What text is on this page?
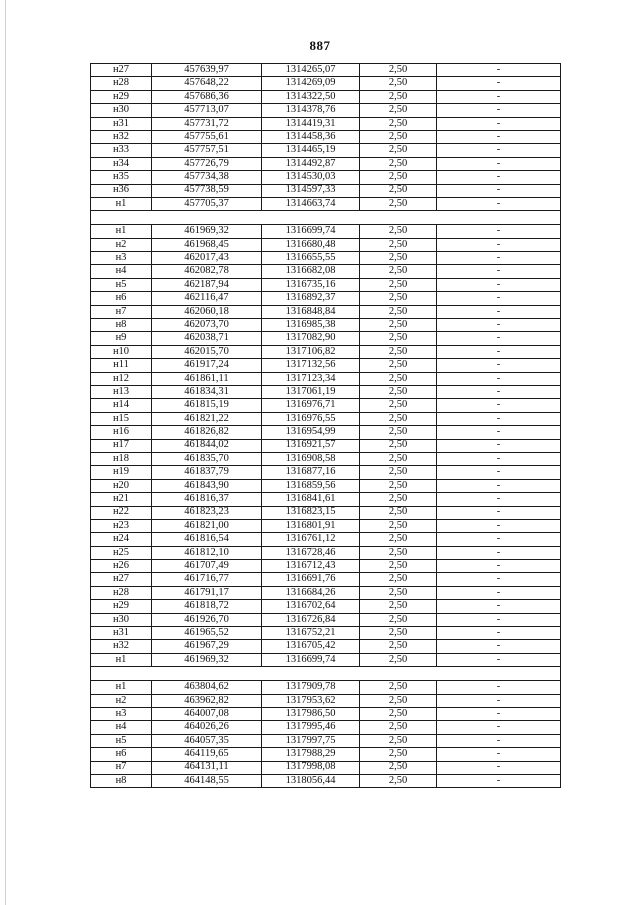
887
н27	457639,97	1314265,07	2,50	-
н28	457648,22	1314269,09	2,50	-
н29	457686,36	1314322,50	2,50	-
н30	457713,07	1314378,76	2,50	-
н31	457731,72	1314419,31	2,50	-
н32	457755,61	1314458,36	2,50	-
н33	457757,51	1314465,19	2,50	-
н34	457726,79	1314492,87	2,50	-
н35	457734,38	1314530,03	2,50	-
н36	457738,59	1314597,33	2,50	-
н1	457705,37	1314663,74	2,50	-

н1	461969,32	1316699,74	2,50	-
н2	461968,45	1316680,48	2,50	-
н3	462017,43	1316655,55	2,50	-
н4	462082,78	1316682,08	2,50	-
н5	462187,94	1316735,16	2,50	-
н6	462116,47	1316892,37	2,50	-
н7	462060,18	1316848,84	2,50	-
н8	462073,70	1316985,38	2,50	-
н9	462038,71	1317082,90	2,50	-
н10	462015,70	1317106,82	2,50	-
н11	461917,24	1317132,56	2,50	-
н12	461861,11	1317123,34	2,50	-
н13	461834,31	1317061,19	2,50	-
н14	461815,19	1316976,71	2,50	-
н15	461821,22	1316976,55	2,50	-
н16	461826,82	1316954,99	2,50	-
н17	461844,02	1316921,57	2,50	-
н18	461835,70	1316908,58	2,50	-
н19	461837,79	1316877,16	2,50	-
н20	461843,90	1316859,56	2,50	-
н21	461816,37	1316841,61	2,50	-
н22	461823,23	1316823,15	2,50	-
н23	461821,00	1316801,91	2,50	-
н24	461816,54	1316761,12	2,50	-
н25	461812,10	1316728,46	2,50	-
н26	461707,49	1316712,43	2,50	-
н27	461716,77	1316691,76	2,50	-
н28	461791,17	1316684,26	2,50	-
н29	461818,72	1316702,64	2,50	-
н30	461926,70	1316726,84	2,50	-
н31	461965,52	1316752,21	2,50	-
н32	461967,29	1316705,42	2,50	-
н1	461969,32	1316699,74	2,50	-

н1	463804,62	1317909,78	2,50	-
н2	463962,82	1317953,62	2,50	-
н3	464007,08	1317986,50	2,50	-
н4	464026,26	1317995,46	2,50	-
н5	464057,35	1317997,75	2,50	-
н6	464119,65	1317988,29	2,50	-
н7	464131,11	1317998,08	2,50	-
н8	464148,55	1318056,44	2,50	-
